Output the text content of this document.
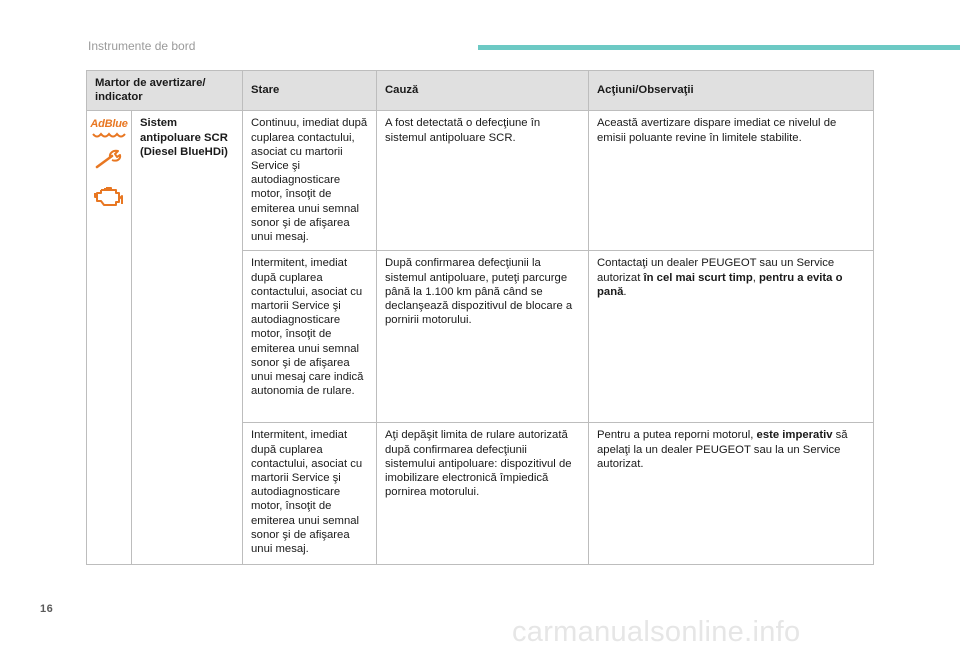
Instrumente de bord
Martor de avertizare/ indicator		Stare	Cauză	Acţiuni/Observaţii

AdBlue	Sistem antipoluare SCR (Diesel BlueHDi)	Continuu, imediat după cuplarea contactului, asociat cu martorii Service şi autodiagnosticare motor, însoţit de emiterea unui semnal sonor şi de afişarea unui mesaj.	A fost detectată o defecţiune în sistemul antipoluare SCR.	Această avertizare dispare imediat ce nivelul de emisii poluante revine în limitele stabilite.
		Intermitent, imediat după cuplarea contactului, asociat cu martorii Service şi autodiagnosticare motor, însoţit de emiterea unui semnal sonor şi de afişarea unui mesaj care indică autonomia de rulare.	După confirmarea defecţiunii la sistemul antipoluare, puteţi parcurge până la 1.100 km până când se declanşează dispozitivul de blocare a pornirii motorului.	Contactaţi un dealer PEUGEOT sau un Service autorizat în cel mai scurt timp, pentru a evita o pană.
		Intermitent, imediat după cuplarea contactului, asociat cu martorii Service şi autodiagnosticare motor, însoţit de emiterea unui semnal sonor şi de afişarea unui mesaj.	Aţi depăşit limita de rulare autorizată după confirmarea defecţiunii sistemului antipoluare: dispozitivul de imobilizare electronică împiedică pornirea motorului.	Pentru a putea reporni motorul, este imperativ să apelaţi la un dealer PEUGEOT sau la un Service autorizat.
16
carmanualsonline.info
